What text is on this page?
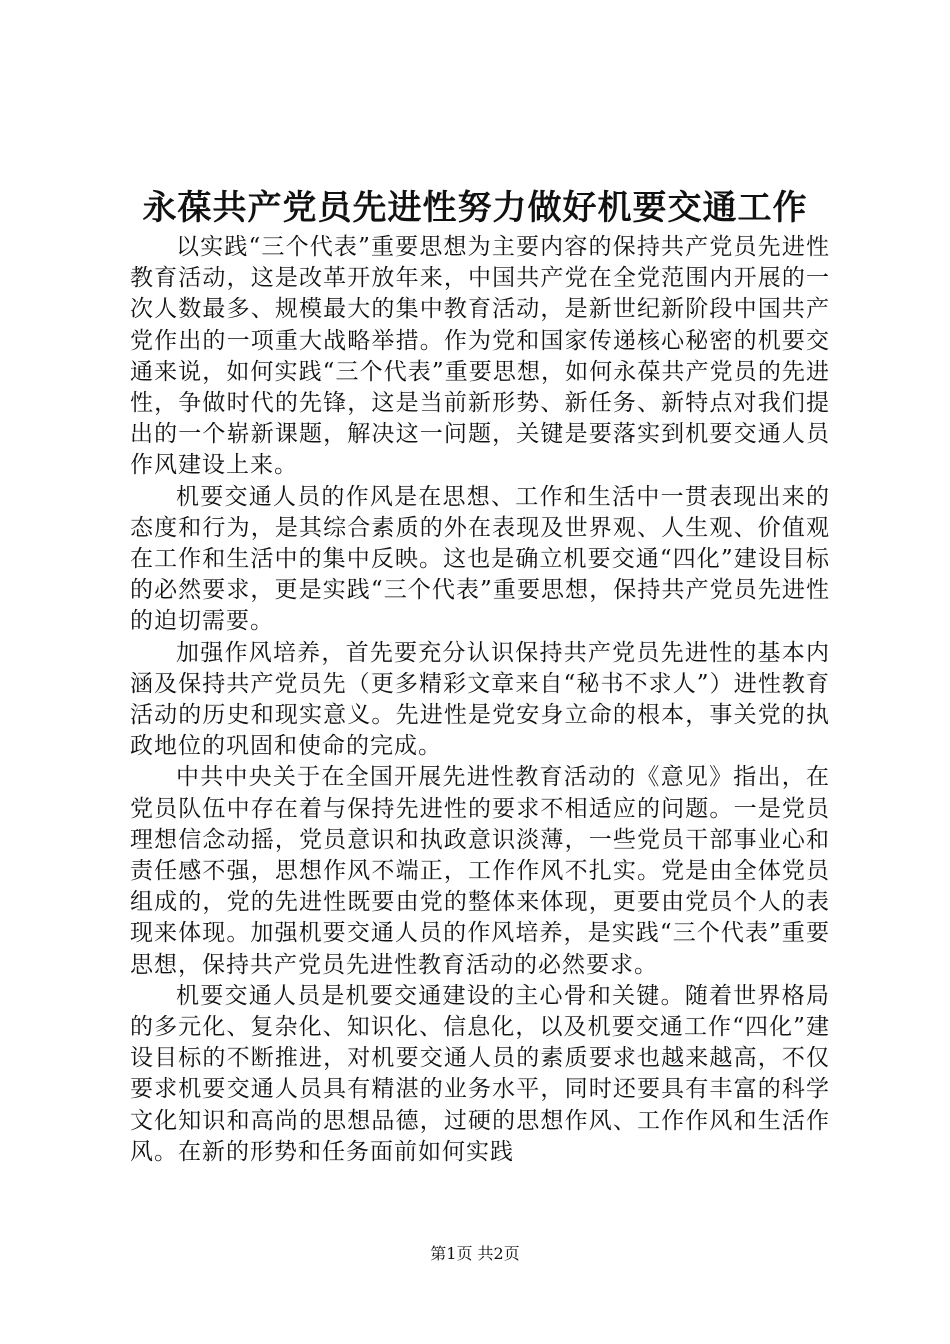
永葆共产党员先进性努力做好机要交通工作

以实践“三个代表”重要思想为主要内容的保持共产党员先进性教育活动，这是改革开放年来，中国共产党在全党范围内开展的一次人数最多、规模最大的集中教育活动，是新世纪新阶段中国共产党作出的一项重大战略举措。作为党和国家传递核心秘密的机要交通来说，如何实践“三个代表”重要思想，如何永葆共产党员的先进性，争做时代的先锋，这是当前新形势、新任务、新特点对我们提出的一个崭新课题，解决这一问题，关键是要落实到机要交通人员作风建设上来。

机要交通人员的作风是在思想、工作和生活中一贯表现出来的态度和行为，是其综合素质的外在表现及世界观、人生观、价值观在工作和生活中的集中反映。这也是确立机要交通“四化”建设目标的必然要求，更是实践“三个代表”重要思想，保持共产党员先进性的迫切需要。

加强作风培养，首先要充分认识保持共产党员先进性的基本内涵及保持共产党员先（更多精彩文章来自“秘书不求人”）进性教育活动的历史和现实意义。先进性是党安身立命的根本，事关党的执政地位的巩固和使命的完成。

中共中央关于在全国开展先进性教育活动的《意见》指出，在党员队伍中存在着与保持先进性的要求不相适应的问题。一是党员理想信念动摇，党员意识和执政意识淡薄，一些党员干部事业心和责任感不强，思想作风不端正，工作作风不扎实。党是由全体党员组成的，党的先进性既要由党的整体来体现，更要由党员个人的表现来体现。加强机要交通人员的作风培养，是实践“三个代表”重要思想，保持共产党员先进性教育活动的必然要求。

机要交通人员是机要交通建设的主心骨和关键。随着世界格局的多元化、复杂化、知识化、信息化，以及机要交通工作“四化”建设目标的不断推进，对机要交通人员的素质要求也越来越高，不仅要求机要交通人员具有精湛的业务水平，同时还要具有丰富的科学文化知识和高尚的思想品德，过硬的思想作风、工作作风和生活作风。在新的形势和任务面前如何实践

第1页 共2页
